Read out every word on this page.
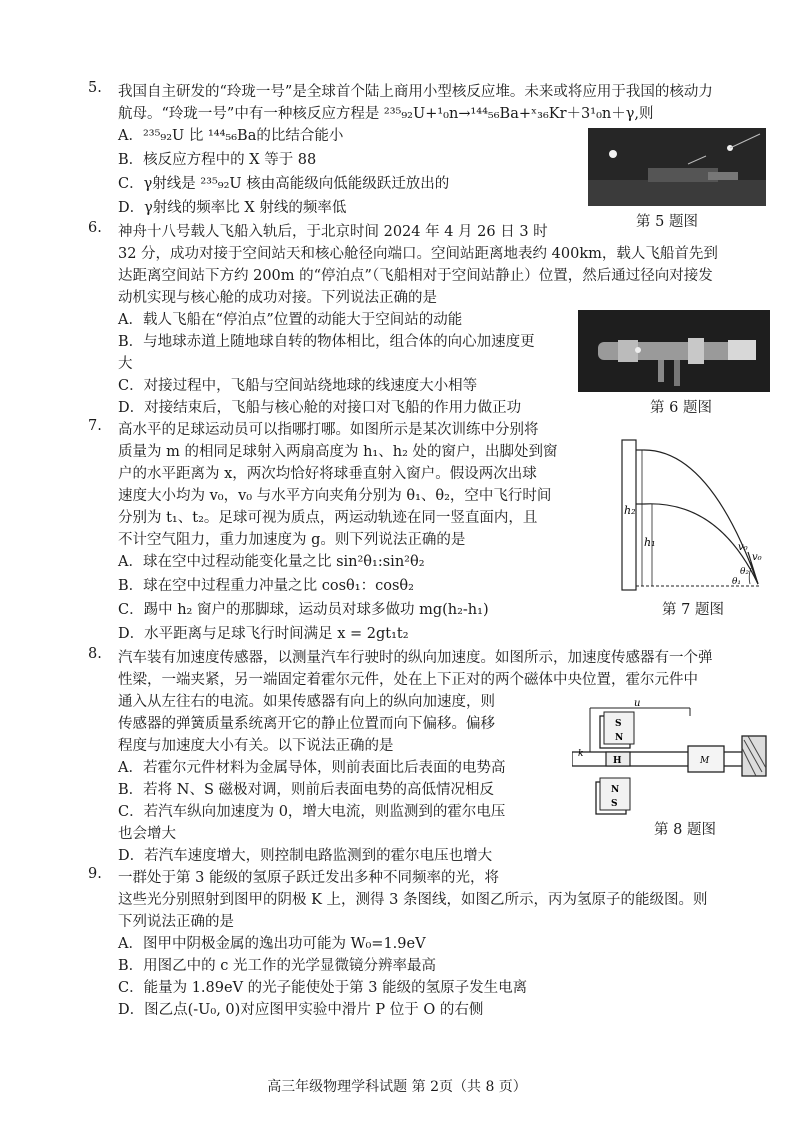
5. 我国自主研发的“玲珑一号”是全球首个陆上商用小型核反应堆。未来或将应用于我国的核动力
航母。“玲珑一号”中有一种核反应方程是 ²³⁵₉₂U+¹₀n→¹⁴⁴₅₆Ba+ˣ₃₆Kr＋3¹₀n＋γ,则
A．²³⁵₉₂U 比 ¹⁴⁴₅₆Ba的比结合能小
B．核反应方程中的 X 等于 88
C．γ射线是 ²³⁵₉₂U 核由高能级向低能级跃迁放出的
D．γ射线的频率比 X 射线的频率低
第 5 题图
6. 神舟十八号载人飞船入轨后，于北京时间 2024 年 4 月 26 日 3 时
32 分，成功对接于空间站天和核心舱径向端口。空间站距离地表约 400km，载人飞船首先到
达距离空间站下方约 200m 的“停泊点”（飞船相对于空间站静止）位置，然后通过径向对接发
动机实现与核心舱的成功对接。下列说法正确的是
A．载人飞船在“停泊点”位置的动能大于空间站的动能
B．与地球赤道上随地球自转的物体相比，组合体的向心加速度更
大
C．对接过程中，飞船与空间站绕地球的线速度大小相等
D．对接结束后，飞船与核心舱的对接口对飞船的作用力做正功	第 6 题图
7. 高水平的足球运动员可以指哪打哪。如图所示是某次训练中分别将
质量为 m 的相同足球射入两扇高度为 h₁、h₂ 处的窗户，出脚处到窗
户的水平距离为 x，两次均恰好将球垂直射入窗户。假设两次出球
速度大小均为 v₀，v₀ 与水平方向夹角分别为 θ₁、θ₂，空中飞行时间
分别为 t₁、t₂。足球可视为质点，两运动轨迹在同一竖直面内，且
不计空气阻力，重力加速度为 g。则下列说法正确的是
A．球在空中过程动能变化量之比 sin²θ₁:sin²θ₂
B．球在空中过程重力冲量之比 cosθ₁：cosθ₂
C．踢中 h₂ 窗户的那脚球，运动员对球多做功 mg(h₂-h₁)
D．水平距离与足球飞行时间满足 x = 2gt₁t₂
h₂
h₁	v₀
v₀
θ₂
θ₁
第 7 题图
8. 汽车装有加速度传感器，以测量汽车行驶时的纵向加速度。如图所示，加速度传感器有一个弹
性梁，一端夹紧，另一端固定着霍尔元件，处在上下正对的两个磁体中央位置，霍尔元件中
通入从左往右的电流。如果传感器有向上的纵向加速度，则
传感器的弹簧质量系统离开它的静止位置而向下偏移。偏移
程度与加速度大小有关。以下说法正确的是
A．若霍尔元件材料为金属导体，则前表面比后表面的电势高
B．若将 N、S 磁极对调，则前后表面电势的高低情况相反
C．若汽车纵向加速度为 0，增大电流，则监测到的霍尔电压
也会增大
D．若汽车速度增大，则控制电路监测到的霍尔电压也增大
u
S
N
H	M
k
N
S
第 8 题图
9. 一群处于第 3 能级的氢原子跃迁发出多种不同频率的光，将
这些光分别照射到图甲的阴极 K 上，测得 3 条图线，如图乙所示，丙为氢原子的能级图。则
下列说法正确的是
A．图甲中阴极金属的逸出功可能为 W₀=1.9eV
B．用图乙中的 c 光工作的光学显微镜分辨率最高
C．能量为 1.89eV 的光子能使处于第 3 能级的氢原子发生电离
D．图乙点(-U₀, 0)对应图甲实验中滑片 P 位于 O 的右侧
高三年级物理学科试题 第 2页（共 8 页）
